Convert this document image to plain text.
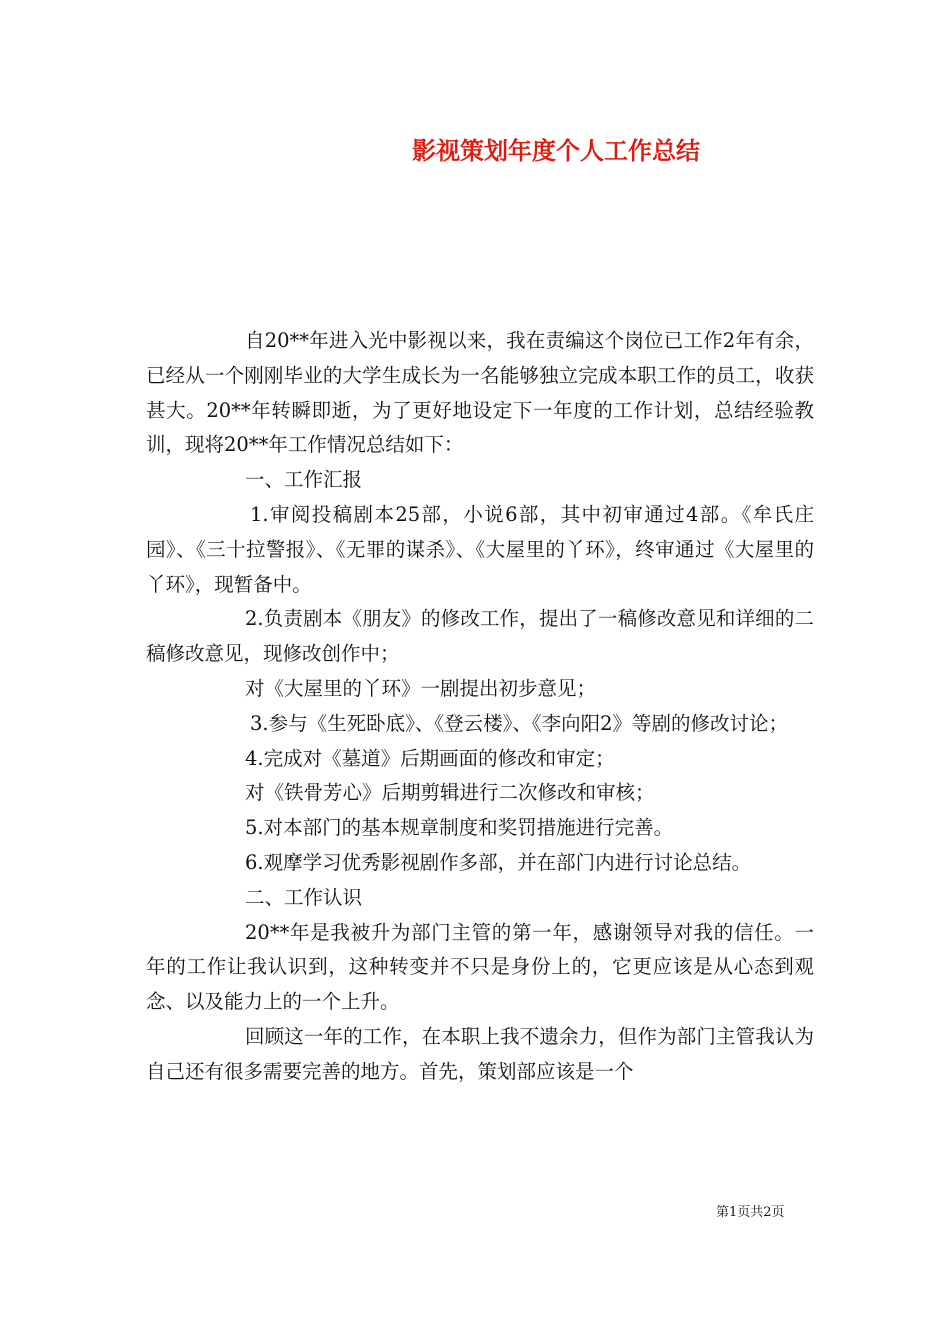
影视策划年度个人工作总结

自20**年进入光中影视以来，我在责编这个岗位已工作2年有余，已经从一个刚刚毕业的大学生成长为一名能够独立完成本职工作的员工，收获甚大。20**年转瞬即逝，为了更好地设定下一年度的工作计划，总结经验教训，现将20**年工作情况总结如下：

一、工作汇报

1.审阅投稿剧本25部，小说6部，其中初审通过4部。《牟氏庄园》、《三十拉警报》、《无罪的谋杀》、《大屋里的丫环》，终审通过《大屋里的丫环》，现暂备中。

2.负责剧本《朋友》的修改工作，提出了一稿修改意见和详细的二稿修改意见，现修改创作中；

对《大屋里的丫环》一剧提出初步意见；

3.参与《生死卧底》、《登云楼》、《李向阳2》等剧的修改讨论；

4.完成对《墓道》后期画面的修改和审定；

对《铁骨芳心》后期剪辑进行二次修改和审核；

5.对本部门的基本规章制度和奖罚措施进行完善。

6.观摩学习优秀影视剧作多部，并在部门内进行讨论总结。

二、工作认识

20**年是我被升为部门主管的第一年，感谢领导对我的信任。一年的工作让我认识到，这种转变并不只是身份上的，它更应该是从心态到观念、以及能力上的一个上升。

回顾这一年的工作，在本职上我不遗余力，但作为部门主管我认为自己还有很多需要完善的地方。首先，策划部应该是一个

第1页共2页
